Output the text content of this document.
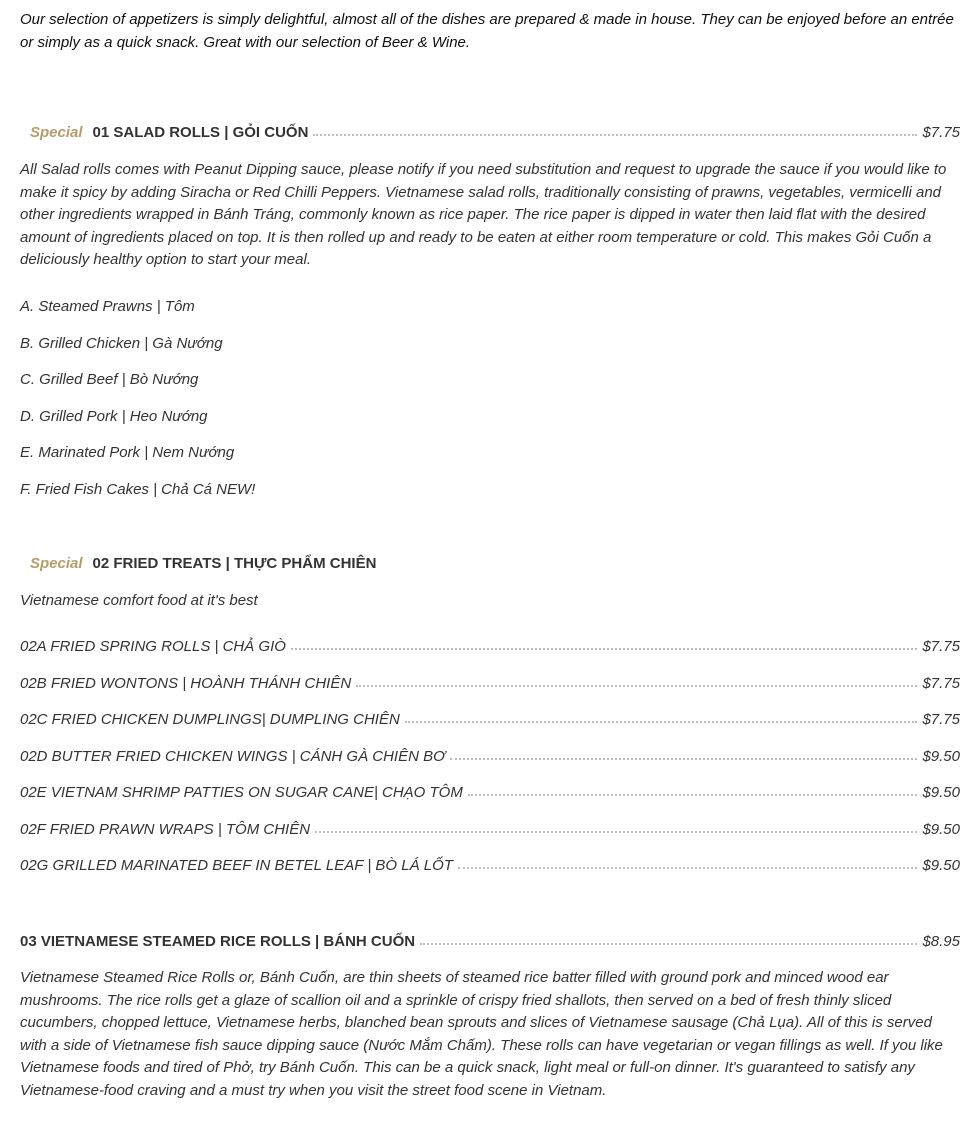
Our selection of appetizers is simply delightful, almost all of the dishes are prepared & made in house. They can be enjoyed before an entrée or simply as a quick snack. Great with our selection of Beer & Wine.

Special 01 SALAD ROLLS | GỎI CUỐN	$7.75

All Salad rolls comes with Peanut Dipping sauce, please notify if you need substitution and request to upgrade the sauce if you would like to make it spicy by adding Siracha or Red Chilli Peppers. Vietnamese salad rolls, traditionally consisting of prawns, vegetables, vermicelli and other ingredients wrapped in Bánh Tráng, commonly known as rice paper. The rice paper is dipped in water then laid flat with the desired amount of ingredients placed on top. It is then rolled up and ready to be eaten at either room temperature or cold. This makes Gỏi Cuốn a deliciously healthy option to start your meal.

A. Steamed Prawns | Tôm

B. Grilled Chicken | Gà Nướng

C. Grilled Beef | Bò Nướng

D. Grilled Pork | Heo Nướng

E. Marinated Pork | Nem Nướng

F. Fried Fish Cakes | Chả Cá NEW!

Special 02 FRIED TREATS | THỰC PHẨM CHIÊN

Vietnamese comfort food at it's best

02A FRIED SPRING ROLLS | CHẢ GIÒ	$7.75
02B FRIED WONTONS | HOÀNH THÁNH CHIÊN	$7.75
02C FRIED CHICKEN DUMPLINGS| DUMPLING CHIÊN	$7.75
02D BUTTER FRIED CHICKEN WINGS | CÁNH GÀ CHIÊN BƠ	$9.50
02E VIETNAM SHRIMP PATTIES ON SUGAR CANE| CHẠO TÔM	$9.50
02F FRIED PRAWN WRAPS | TÔM CHIÊN	$9.50
02G GRILLED MARINATED BEEF IN BETEL LEAF | BÒ LÁ LỐT	$9.50
03 VIETNAMESE STEAMED RICE ROLLS | BÁNH CUỐN	$8.95

Vietnamese Steamed Rice Rolls or, Bánh Cuốn, are thin sheets of steamed rice batter filled with ground pork and minced wood ear mushrooms. The rice rolls get a glaze of scallion oil and a sprinkle of crispy fried shallots, then served on a bed of fresh thinly sliced cucumbers, chopped lettuce, Vietnamese herbs, blanched bean sprouts and slices of Vietnamese sausage (Chả Lụa). All of this is served with a side of Vietnamese fish sauce dipping sauce (Nước Mắm Chấm). These rolls can have vegetarian or vegan fillings as well. If you like Vietnamese foods and tired of Phở, try Bánh Cuốn. This can be a quick snack, light meal or full-on dinner. It's guaranteed to satisfy any Vietnamese-food craving and a must try when you visit the street food scene in Vietnam.
